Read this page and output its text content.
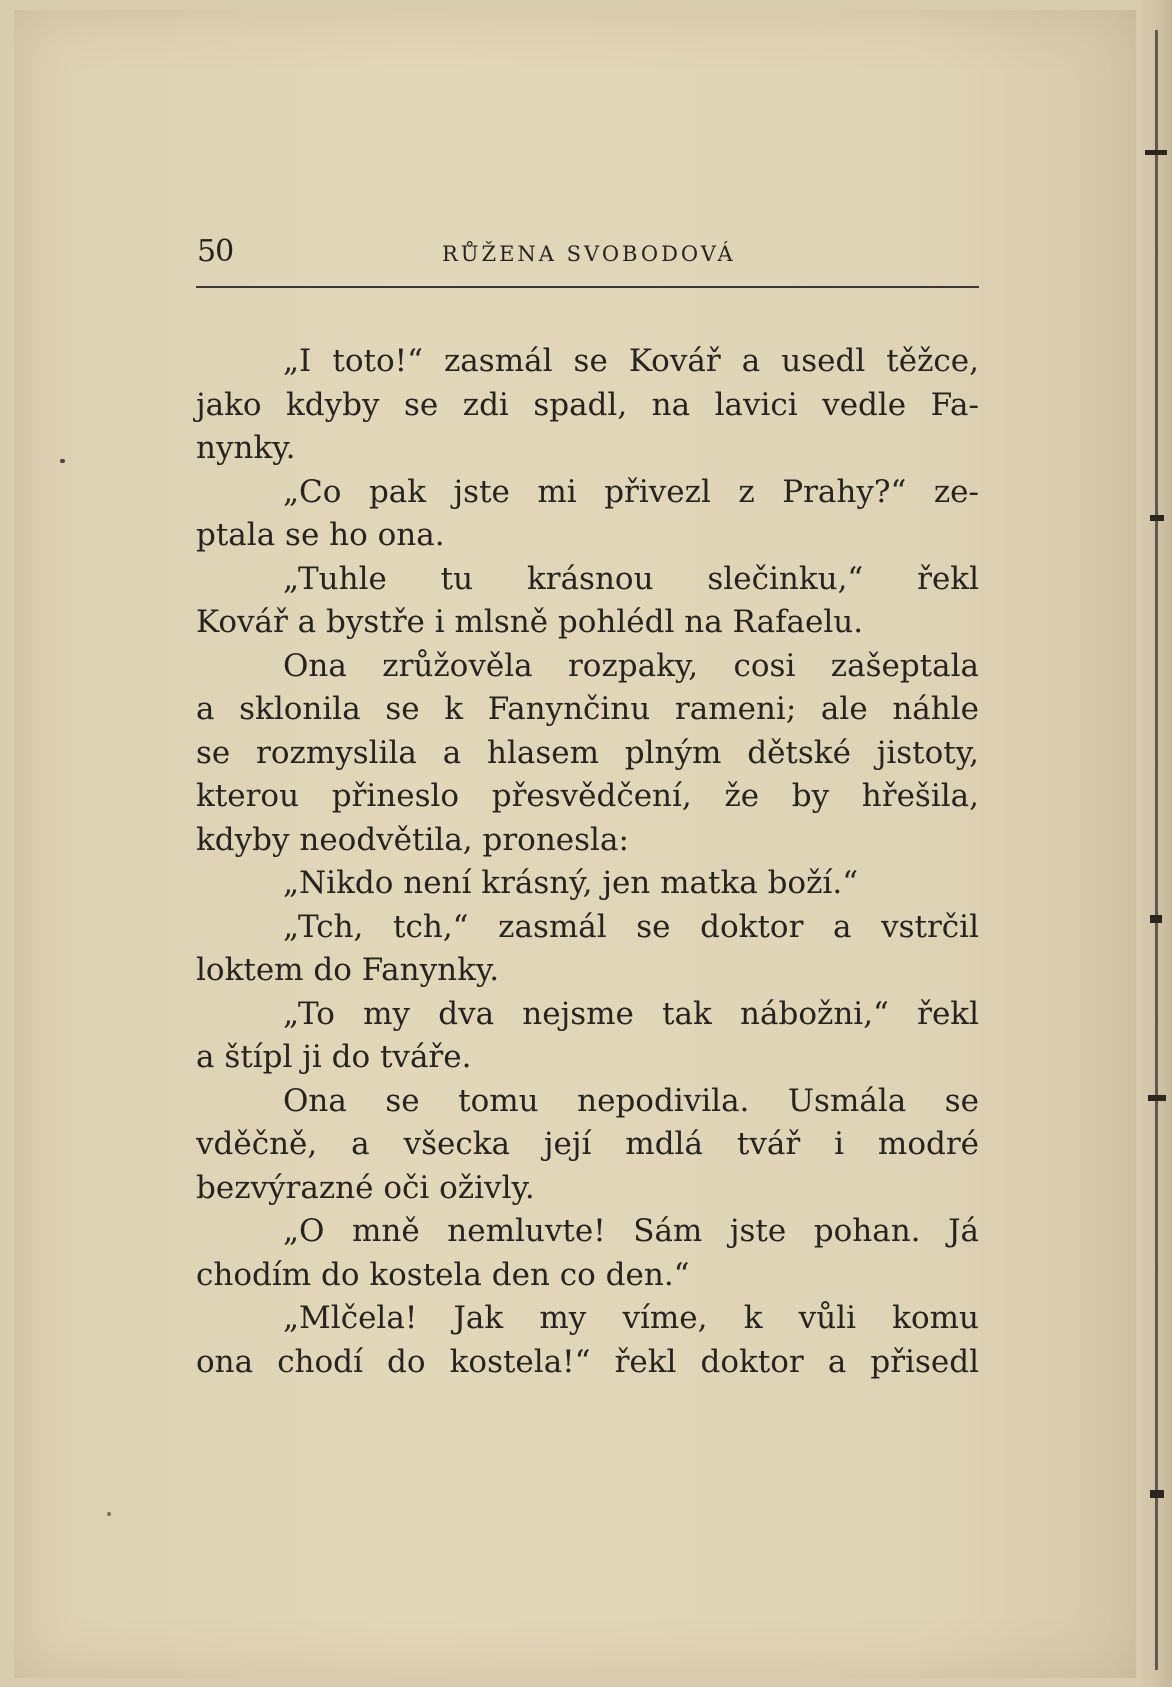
50	RŮŽENA SVOBODOVÁ
„I toto!“ zasmál se Kovář a usedl těžce,
jako kdyby se zdi spadl, na lavici vedle Fa-
nynky.
„Co pak jste mi přivezl z Prahy?“ ze-
ptala se ho ona.
„Tuhle tu krásnou slečinku,“ řekl
Kovář a bystře i mlsně pohlédl na Rafaelu.
Ona zrůžověla rozpaky, cosi zašeptala
a sklonila se k Fanynčinu rameni; ale náhle
se rozmyslila a hlasem plným dětské jistoty,
kterou přineslo přesvědčení, že by hřešila,
kdyby neodvětila, pronesla:
„Nikdo není krásný, jen matka boží.“
„Tch, tch,“ zasmál se doktor a vstrčil
loktem do Fanynky.
„To my dva nejsme tak nábožni,“ řekl
a štípl ji do tváře.
Ona se tomu nepodivila. Usmála se
vděčně, a všecka její mdlá tvář i modré
bezvýrazné oči oživly.
„O mně nemluvte! Sám jste pohan. Já
chodím do kostela den co den.“
„Mlčela! Jak my víme, k vůli komu
ona chodí do kostela!“ řekl doktor a přisedl
